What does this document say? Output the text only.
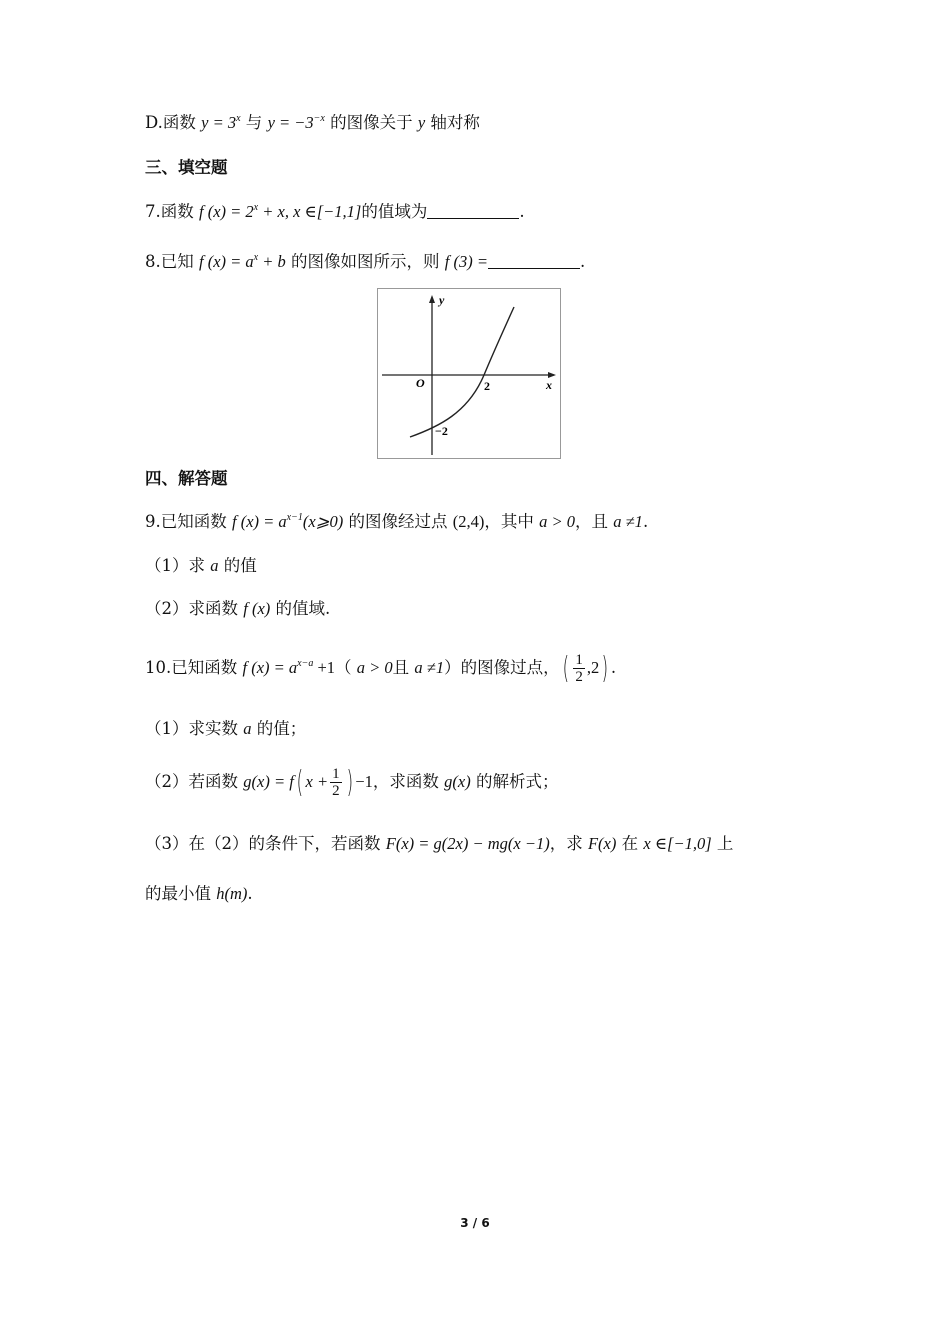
D.函数 $y = 3^x$ 与 $y = -3^{-x}$ 的图像关于 y 轴对称
三、填空题
7.函数 f $(x) = 2^x + x$, x ∈[−1,1]的值域为	.
8.已知 f $(x) = a^x + b$ 的图像如图所示，则 f (3) =	.
y
x
O	2
−2
四、解答题
9.已知函数 f $(x) = a^{x-1}(x⩾0)$ 的图像经过点 (2,4)，其中 a > 0，且 a ≠1.
（1）求 a 的值
（2）求函数 f (x) 的值域.
10.已知函数 f $(x) = a^{x-a} +1$（ a > 0且 a ≠1）的图像过点，( $\frac{1}{2} ,2$) .
（1）求实数 a 的值；
（2）若函数 g(x) = f( $x + \frac{1}{2}$ ) −1，求函数 g(x) 的解析式；
（3）在（2）的条件下，若函数 F(x) = g(2x) − mg(x −1)，求 F(x) 在 x ∈[−1,0] 上
的最小值 h(m).
3 / 6
